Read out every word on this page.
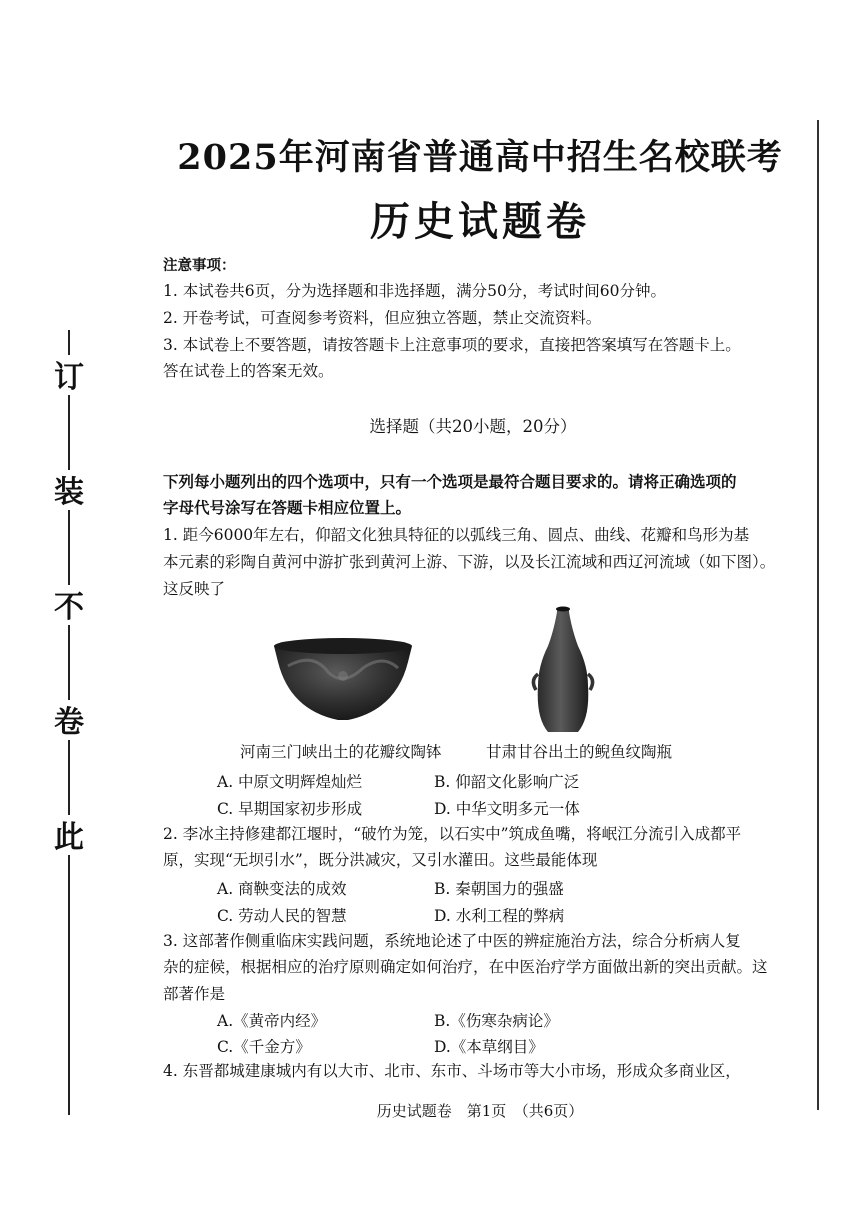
订
装
不
卷
此
2025年河南省普通高中招生名校联考
历史试题卷
注意事项：
1. 本试卷共6页，分为选择题和非选择题，满分50分，考试时间60分钟。
2. 开卷考试，可查阅参考资料，但应独立答题，禁止交流资料。
3. 本试卷上不要答题，请按答题卡上注意事项的要求，直接把答案填写在答题卡上。
答在试卷上的答案无效。
选择题（共20小题，20分）
下列每小题列出的四个选项中，只有一个选项是最符合题目要求的。请将正确选项的
字母代号涂写在答题卡相应位置上。
1. 距今6000年左右，仰韶文化独具特征的以弧线三角、圆点、曲线、花瓣和鸟形为基
本元素的彩陶自黄河中游扩张到黄河上游、下游，以及长江流域和西辽河流域（如下图）。
这反映了
河南三门峡出土的花瓣纹陶钵	甘肃甘谷出土的鲵鱼纹陶瓶
A. 中原文明辉煌灿烂	B. 仰韶文化影响广泛
C. 早期国家初步形成	D. 中华文明多元一体
2. 李冰主持修建都江堰时，“破竹为笼，以石实中”筑成鱼嘴，将岷江分流引入成都平
原，实现“无坝引水”，既分洪减灾，又引水灌田。这些最能体现
A. 商鞅变法的成效	B. 秦朝国力的强盛
C. 劳动人民的智慧	D. 水利工程的弊病
3. 这部著作侧重临床实践问题，系统地论述了中医的辨症施治方法，综合分析病人复
杂的症候，根据相应的治疗原则确定如何治疗，在中医治疗学方面做出新的突出贡献。这
部著作是
A.《黄帝内经》	B.《伤寒杂病论》
C.《千金方》	D.《本草纲目》
4. 东晋都城建康城内有以大市、北市、东市、斗场市等大小市场，形成众多商业区，
历史试题卷　第1页　（共6页）
